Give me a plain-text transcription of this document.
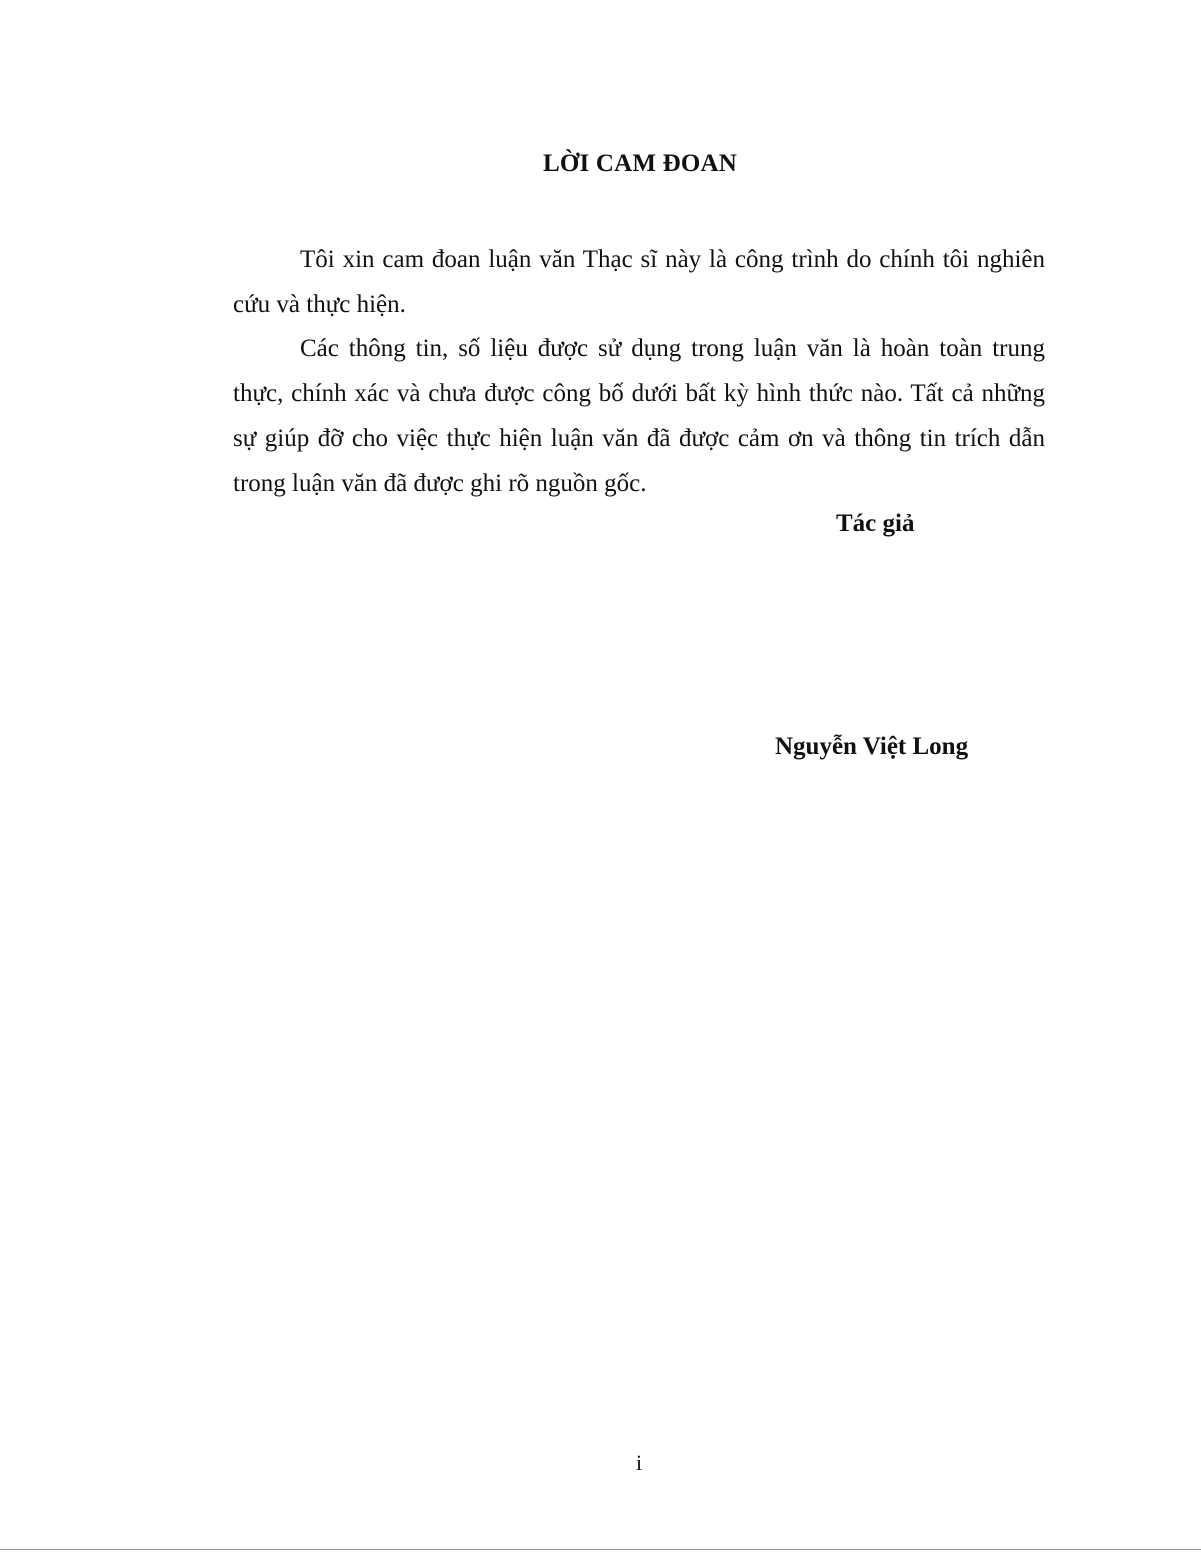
LỜI CAM ĐOAN

Tôi xin cam đoan luận văn Thạc sĩ này là công trình do chính tôi nghiên cứu và thực hiện.

Các thông tin, số liệu được sử dụng trong luận văn là hoàn toàn trung thực, chính xác và chưa được công bố dưới bất kỳ hình thức nào. Tất cả những sự giúp đỡ cho việc thực hiện luận văn đã được cảm ơn và thông tin trích dẫn trong luận văn đã được ghi rõ nguồn gốc.

Tác giả
Nguyễn Việt Long
i
